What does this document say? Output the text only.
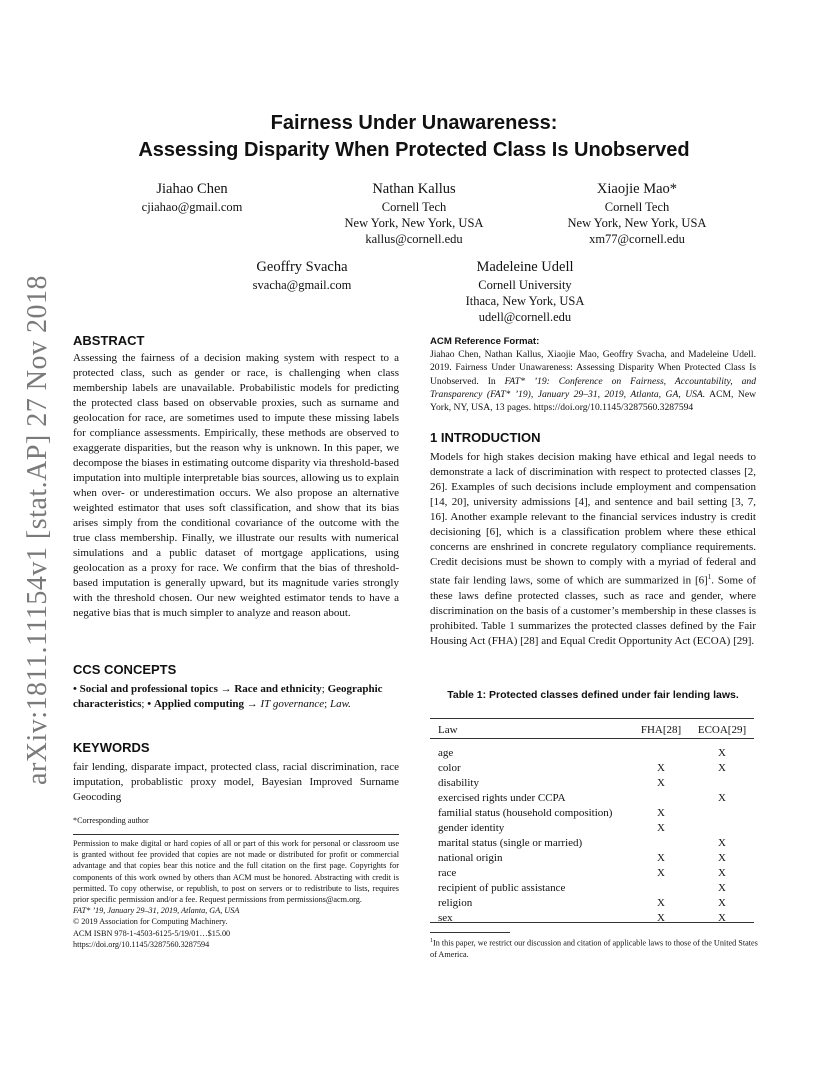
arXiv:1811.11154v1 [stat.AP] 27 Nov 2018
Fairness Under Unawareness:
Assessing Disparity When Protected Class Is Unobserved
Jiahao Chen
cjiahao@gmail.com
Nathan Kallus
Cornell Tech
New York, New York, USA
kallus@cornell.edu
Xiaojie Mao*
Cornell Tech
New York, New York, USA
xm77@cornell.edu
Geoffry Svacha
svacha@gmail.com
Madeleine Udell
Cornell University
Ithaca, New York, USA
udell@cornell.edu
ABSTRACT

Assessing the fairness of a decision making system with respect to a protected class, such as gender or race, is challenging when class membership labels are unavailable. Probabilistic models for predicting the protected class based on observable proxies, such as surname and geolocation for race, are sometimes used to impute these missing labels for compliance assessments. Empirically, these methods are observed to exaggerate disparities, but the reason why is unknown. In this paper, we decompose the biases in estimating outcome disparity via threshold-based imputation into multiple interpretable bias sources, allowing us to explain when over- or underestimation occurs. We also propose an alternative weighted estimator that uses soft classification, and show that its bias arises simply from the conditional covariance of the outcome with the true class membership. Finally, we illustrate our results with numerical simulations and a public dataset of mortgage applications, using geolocation as a proxy for race. We confirm that the bias of threshold-based imputation is generally upward, but its magnitude varies strongly with the threshold chosen. Our new weighted estimator tends to have a negative bias that is much simpler to analyze and reason about.

CCS CONCEPTS

• Social and professional topics → Race and ethnicity; Geographic characteristics; • Applied computing → IT governance; Law.

KEYWORDS

fair lending, disparate impact, protected class, racial discrimination, race imputation, probablistic proxy model, Bayesian Improved Surname Geocoding

*Corresponding author

Permission to make digital or hard copies of all or part of this work for personal or classroom use is granted without fee provided that copies are not made or distributed for profit or commercial advantage and that copies bear this notice and the full citation on the first page. Copyrights for components of this work owned by others than ACM must be honored. Abstracting with credit is permitted. To copy otherwise, or republish, to post on servers or to redistribute to lists, requires prior specific permission and/or a fee. Request permissions from permissions@acm.org.

FAT* ’19, January 29–31, 2019, Atlanta, GA, USA

© 2019 Association for Computing Machinery.

ACM ISBN 978-1-4503-6125-5/19/01…$15.00

https://doi.org/10.1145/3287560.3287594

ACM Reference Format:

Jiahao Chen, Nathan Kallus, Xiaojie Mao, Geoffry Svacha, and Madeleine Udell. 2019. Fairness Under Unawareness: Assessing Disparity When Protected Class Is Unobserved. In FAT* ’19: Conference on Fairness, Accountability, and Transparency (FAT* ’19), January 29–31, 2019, Atlanta, GA, USA. ACM, New York, NY, USA, 13 pages. https://doi.org/10.1145/3287560.3287594

1 INTRODUCTION

Models for high stakes decision making have ethical and legal needs to demonstrate a lack of discrimination with respect to protected classes [2, 26]. Examples of such decisions include employment and compensation [14, 20], university admissions [4], and sentence and bail setting [3, 7, 16]. Another example relevant to the financial services industry is credit decisioning [6], which is a classification problem where these ethical concerns are enshrined in concrete regulatory compliance requirements. Credit decisions must be shown to comply with a myriad of federal and state fair lending laws, some of which are summarized in $[6]^1$. Some of these laws define protected classes, such as race and gender, where discrimination on the basis of a customer’s membership in these classes is prohibited. Table 1 summarizes the protected classes defined by the Fair Housing Act (FHA) [28] and Equal Credit Opportunity Act (ECOA) [29].

Table 1: Protected classes defined under fair lending laws.
Law	FHA[28]	ECOA[29]

age		X
color	X	X
disability	X	
exercised rights under CCPA		X
familial status (household composition)	X	
gender identity	X	
marital status (single or married)		X
national origin	X	X
race	X	X
recipient of public assistance		X
religion	X	X
sex	X	X
$^1$In this paper, we restrict our discussion and citation of applicable laws to those of the United States of America.
